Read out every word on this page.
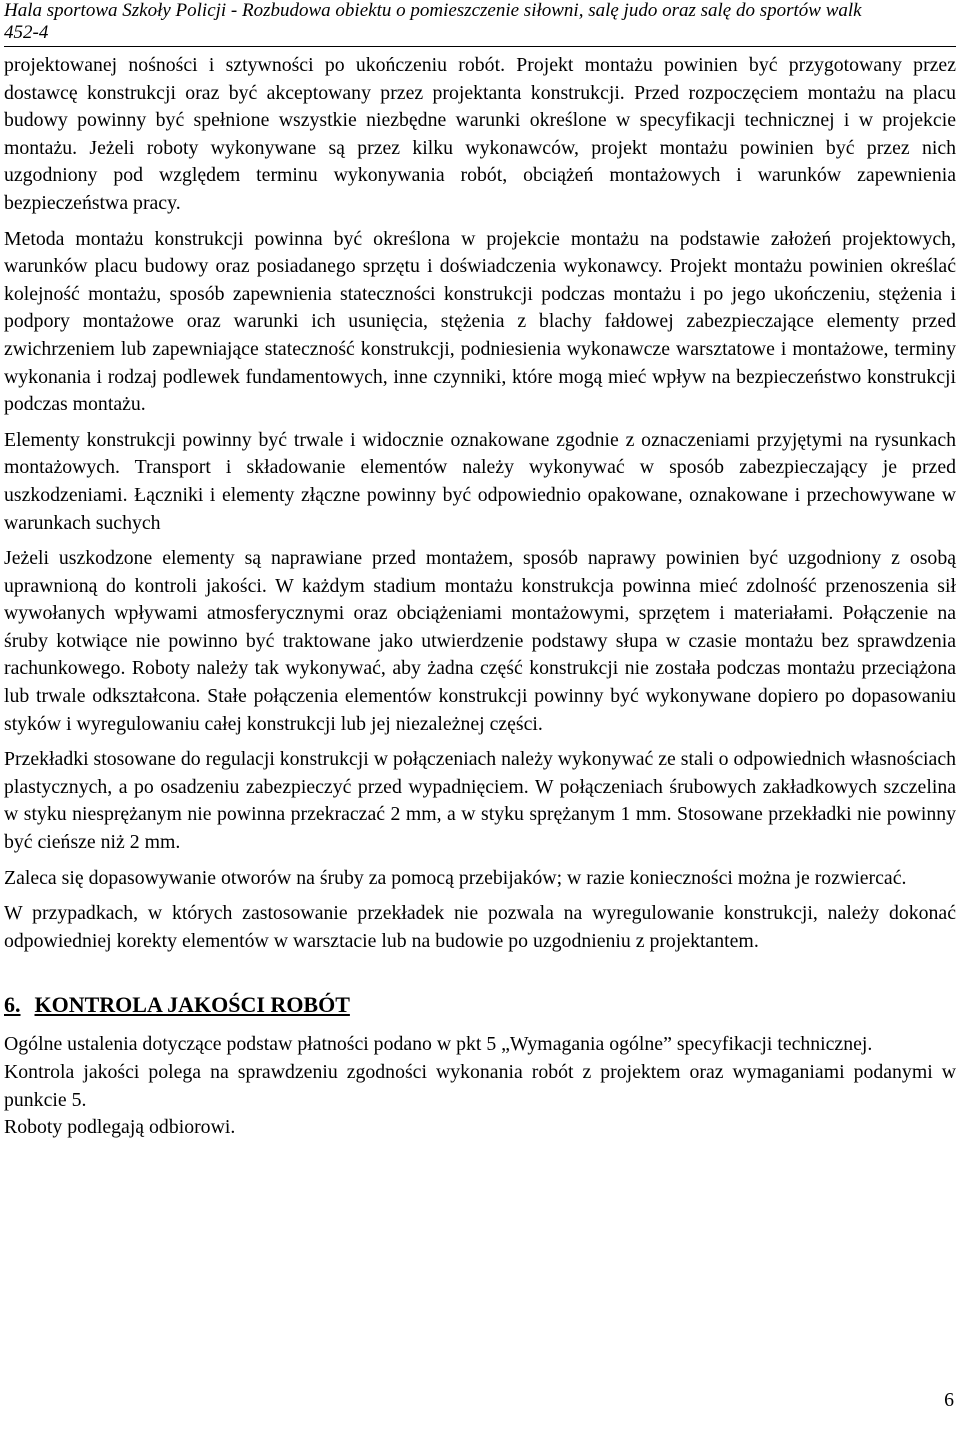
Hala sportowa Szkoły Policji - Rozbudowa obiektu o pomieszczenie siłowni, salę judo oraz salę do sportów walk
452-4

projektowanej nośności i sztywności po ukończeniu robót. Projekt montażu powinien być przygotowany przez dostawcę konstrukcji oraz być akceptowany przez projektanta konstrukcji. Przed rozpoczęciem montażu na placu budowy powinny być spełnione wszystkie niezbędne warunki określone w specyfikacji technicznej i w projekcie montażu. Jeżeli roboty wykonywane są przez kilku wykonawców, projekt montażu powinien być przez nich uzgodniony pod względem terminu wykonywania robót, obciążeń montażowych i warunków zapewnienia bezpieczeństwa pracy.

Metoda montażu konstrukcji powinna być określona w projekcie montażu na podstawie założeń projektowych, warunków placu budowy oraz posiadanego sprzętu i doświadczenia wykonawcy. Projekt montażu powinien określać kolejność montażu, sposób zapewnienia stateczności konstrukcji podczas montażu i po jego ukończeniu, stężenia i podpory montażowe oraz warunki ich usunięcia, stężenia z blachy fałdowej zabezpieczające elementy przed zwichrzeniem lub zapewniające stateczność konstrukcji, podniesienia wykonawcze warsztatowe i montażowe, terminy wykonania i rodzaj podlewek fundamentowych, inne czynniki, które mogą mieć wpływ na bezpieczeństwo konstrukcji podczas montażu.

Elementy konstrukcji powinny być trwale i widocznie oznakowane zgodnie z oznaczeniami przyjętymi na rysunkach montażowych. Transport i składowanie elementów należy wykonywać w sposób zabezpieczający je przed uszkodzeniami. Łączniki i elementy złączne powinny być odpowiednio opakowane, oznakowane i przechowywane w warunkach suchych

Jeżeli uszkodzone elementy są naprawiane przed montażem, sposób naprawy powinien być uzgodniony z osobą uprawnioną do kontroli jakości. W każdym stadium montażu konstrukcja powinna mieć zdolność przenoszenia sił wywołanych wpływami atmosferycznymi oraz obciążeniami montażowymi, sprzętem i materiałami. Połączenie na śruby kotwiące nie powinno być traktowane jako utwierdzenie podstawy słupa w czasie montażu bez sprawdzenia rachunkowego. Roboty należy tak wykonywać, aby żadna część konstrukcji nie została podczas montażu przeciążona lub trwale odkształcona. Stałe połączenia elementów konstrukcji powinny być wykonywane dopiero po dopasowaniu styków i wyregulowaniu całej konstrukcji lub jej niezależnej części.

Przekładki stosowane do regulacji konstrukcji w połączeniach należy wykonywać ze stali o odpowiednich własnościach plastycznych, a po osadzeniu zabezpieczyć przed wypadnięciem. W połączeniach śrubowych zakładkowych szczelina w styku niesprężanym nie powinna przekraczać 2 mm, a w styku sprężanym 1 mm. Stosowane przekładki nie powinny być cieńsze niż 2 mm.

Zaleca się dopasowywanie otworów na śruby za pomocą przebijaków; w razie konieczności można je rozwiercać.

W przypadkach, w których zastosowanie przekładek nie pozwala na wyregulowanie konstrukcji, należy dokonać odpowiedniej korekty elementów w warsztacie lub na budowie po uzgodnieniu z projektantem.

6. KONTROLA JAKOŚCI ROBÓT

Ogólne ustalenia dotyczące podstaw płatności podano w pkt 5 „Wymagania ogólne” specyfikacji technicznej.

Kontrola jakości polega na sprawdzeniu zgodności wykonania robót z projektem oraz wymaganiami podanymi w punkcie 5.

Roboty podlegają odbiorowi.

6
